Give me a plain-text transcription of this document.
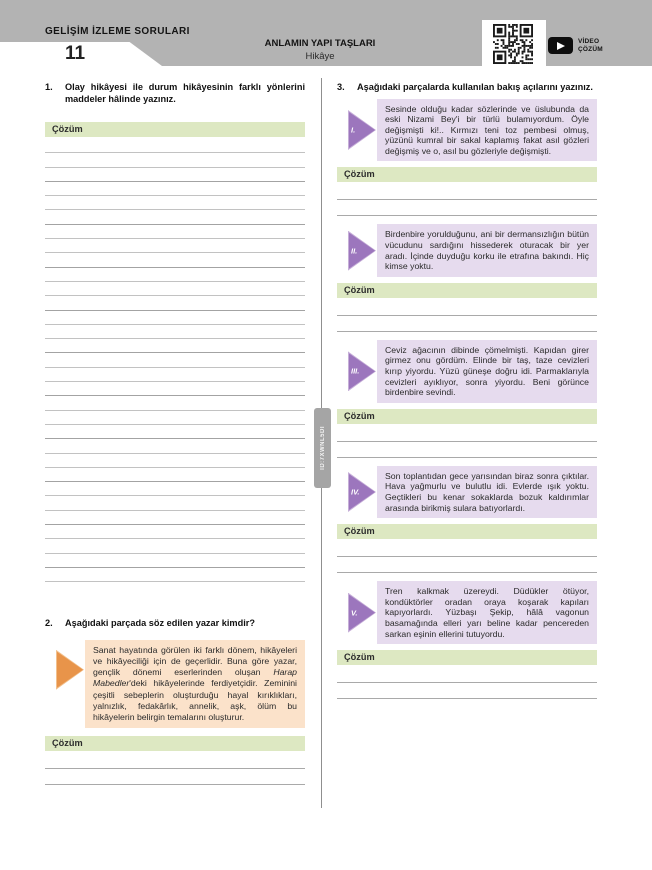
GELİŞİM İZLEME SORULARI
11	ANLAMIN YAPI TAŞLARI
Hikâye
VİDEO
ÇÖZÜM
ID:7XWNL5DI
1.	Olay hikâyesi ile durum hikâyesinin farklı yönlerini maddeler hâlinde yazınız.
Çözüm
2.	Aşağıdaki parçada söz edilen yazar kimdir?
Sanat hayatında görülen iki farklı dönem, hikâyeleri ve hikâyeciliği için de geçerlidir. Buna göre yazar, gençlik dönemi eserlerinden oluşan Harap Mabedler'deki hikâyelerinde ferdiyetçidir. Zeminini çeşitli sebeplerin oluşturduğu hayal kırıklıkları, yalnızlık, fedakârlık, annelik, aşk, ölüm bu hikâyelerin belirgin temalarını oluşturur.
Çözüm
3.	Aşağıdaki parçalarda kullanılan bakış açılarını yazınız.
I.
Sesinde olduğu kadar sözlerinde ve üslubunda da eski Nizami Bey'i bir türlü bulamıyordum. Öyle değişmişti ki!.. Kırmızı teni toz pembesi olmuş, yüzünü kumral bir sakal kaplamış fakat asıl gözleri değişmiş ve o, asıl bu gözleriyle değişmişti.
Çözüm
II.
Birdenbire yorulduğunu, ani bir dermansızlığın bütün vücudunu sardığını hissederek oturacak bir yer aradı. İçinde duyduğu korku ile etrafına bakındı. Hiç kimse yoktu.
Çözüm
III.
Ceviz ağacının dibinde çömelmişti. Kapıdan girer girmez onu gördüm. Elinde bir taş, taze cevizleri kırıp yiyordu. Yüzü güneşe doğru idi. Parmaklarıyla cevizleri ayıklıyor, sonra yiyordu. Beni görünce birdenbire sevindi.
Çözüm
IV.
Son toplantıdan gece yarısından biraz sonra çıktılar. Hava yağmurlu ve bulutlu idi. Evlerde ışık yoktu. Geçtikleri bu kenar sokaklarda bozuk kaldırımlar arasında birikmiş sulara batıyorlardı.
Çözüm
V.
Tren kalkmak üzereydi. Düdükler ötüyor, kondüktörler oradan oraya koşarak kapıları kapıyorlardı. Yüzbaşı Şekip, hâlâ vagonun basamağında elleri yarı beline kadar pencereden sarkan eşinin ellerini tutuyordu.
Çözüm
